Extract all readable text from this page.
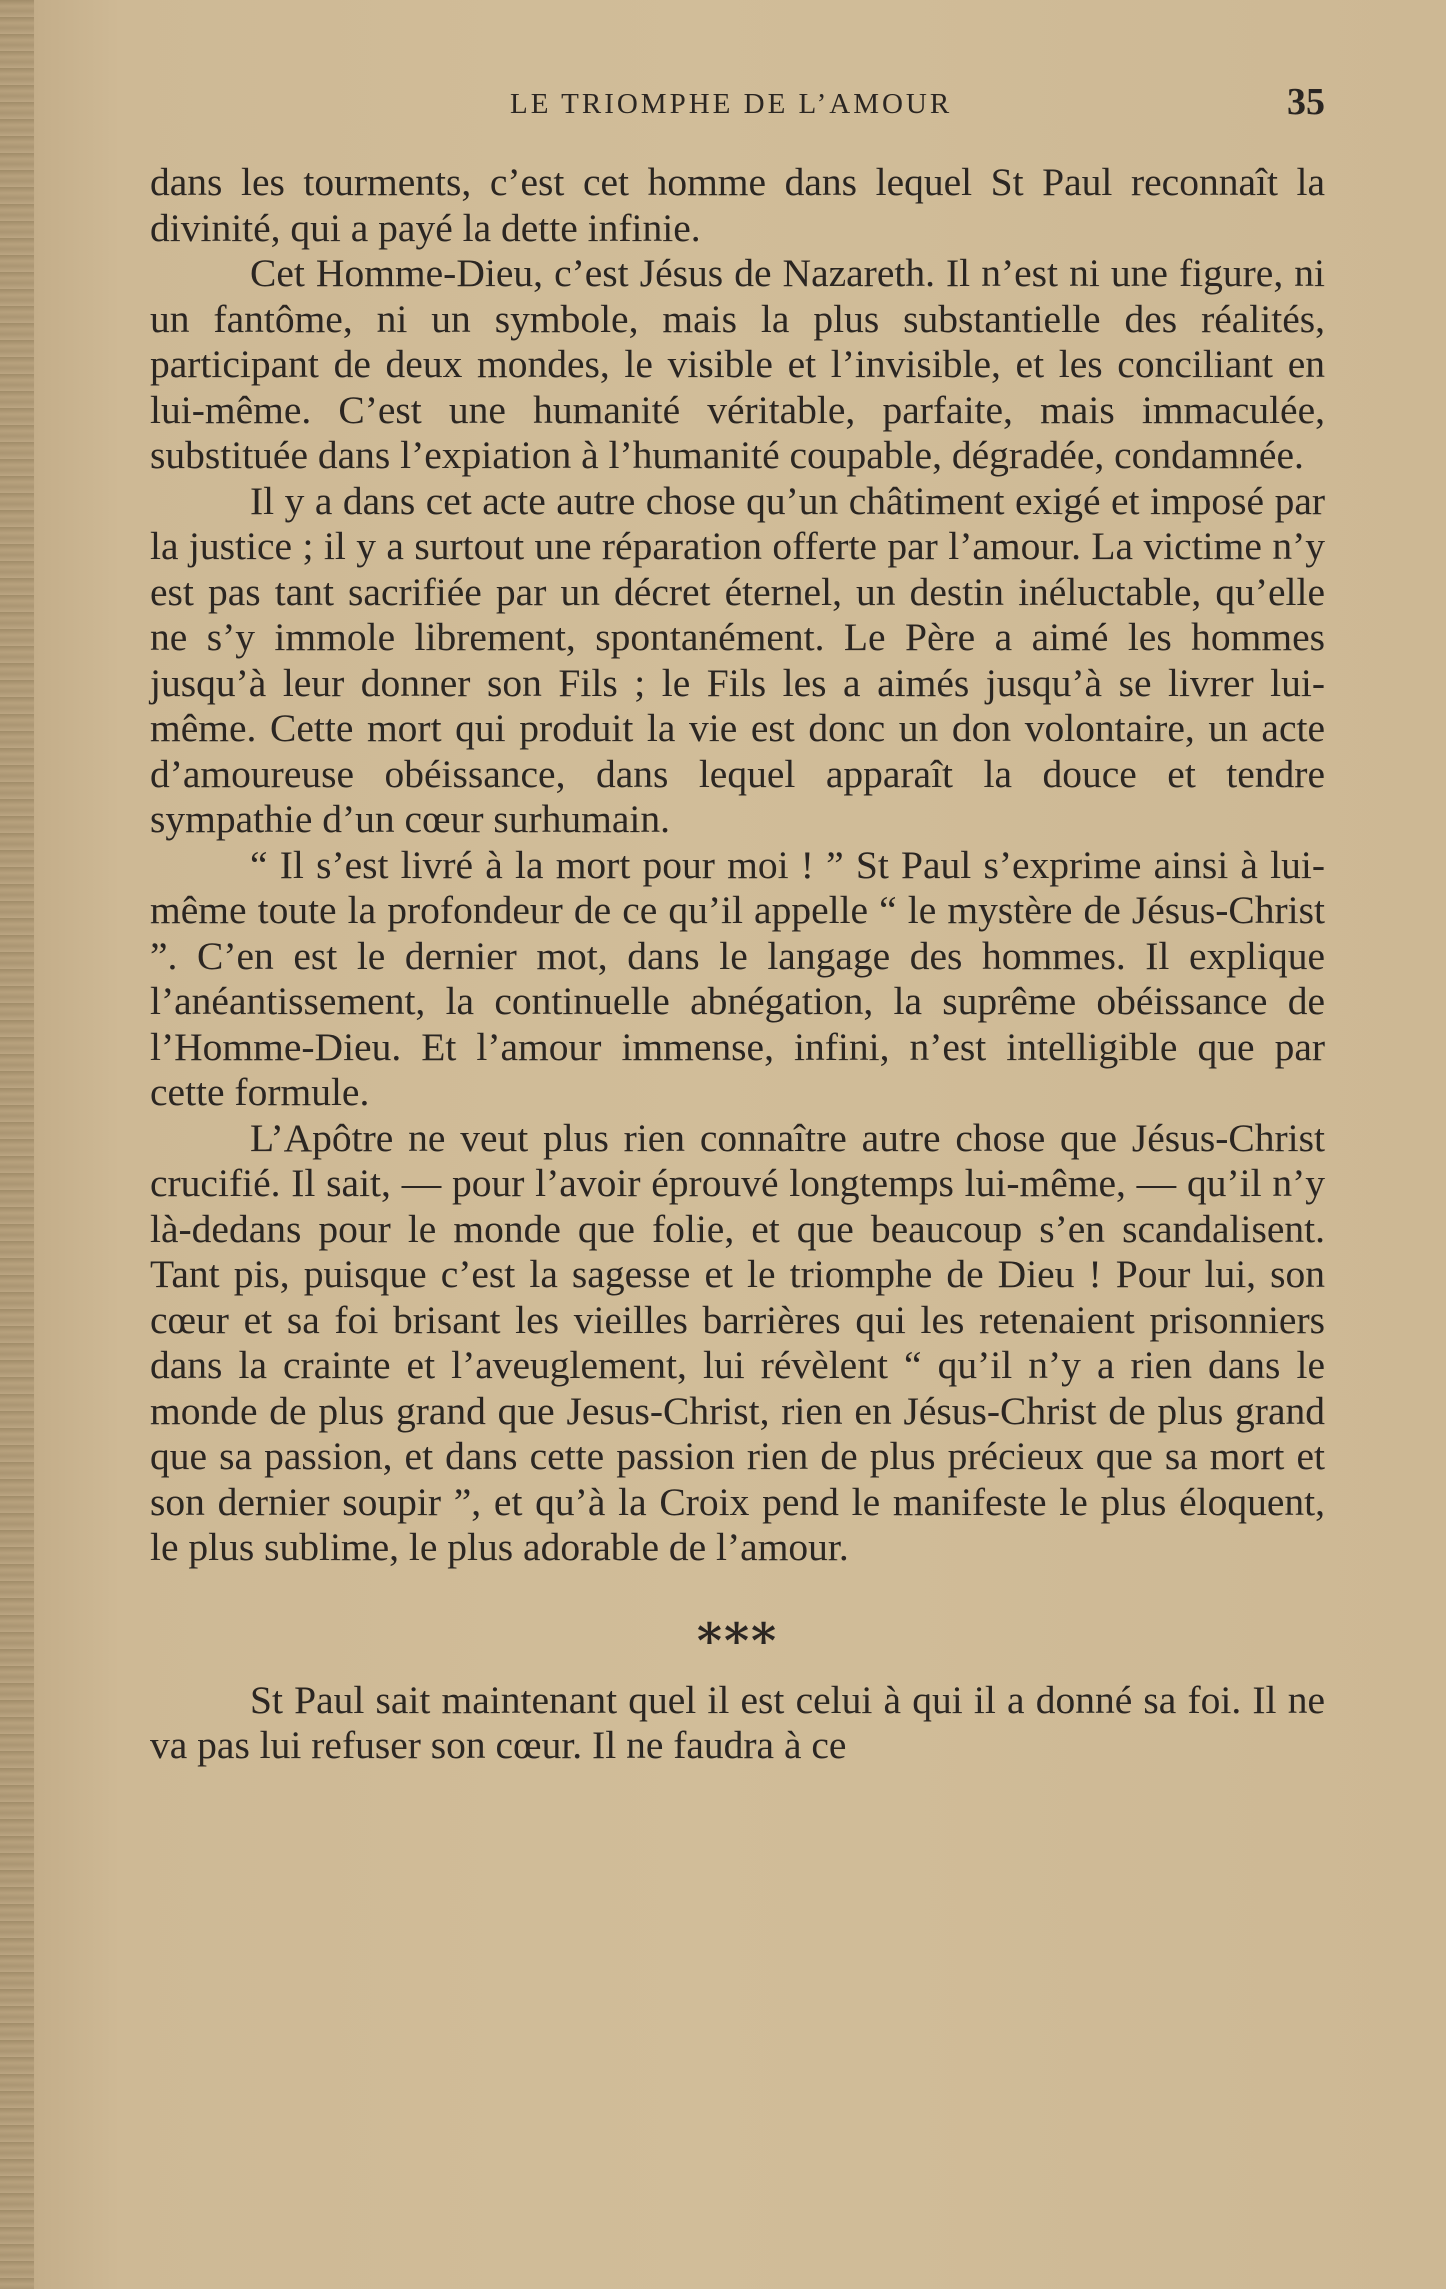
LE TRIOMPHE DE L’AMOUR	35

dans les tourments, c’est cet homme dans lequel St Paul reconnaît la divinité, qui a payé la dette infinie.

Cet Homme-Dieu, c’est Jésus de Nazareth. Il n’est ni une figure, ni un fantôme, ni un symbole, mais la plus substantielle des réalités, participant de deux mondes, le visible et l’invisible, et les conciliant en lui-même. C’est une humanité véritable, parfaite, mais immaculée, substituée dans l’expiation à l’humanité coupable, dégradée, condamnée.

Il y a dans cet acte autre chose qu’un châtiment exigé et imposé par la justice ; il y a surtout une réparation offerte par l’amour. La victime n’y est pas tant sacrifiée par un décret éternel, un destin inéluctable, qu’elle ne s’y immole librement, spontanément. Le Père a aimé les hommes jusqu’à leur donner son Fils ; le Fils les a aimés jusqu’à se livrer lui-même. Cette mort qui produit la vie est donc un don volontaire, un acte d’amoureuse obéissance, dans lequel apparaît la douce et tendre sympathie d’un cœur surhumain.

“ Il s’est livré à la mort pour moi ! ” St Paul s’exprime ainsi à lui-même toute la profondeur de ce qu’il appelle “ le mystère de Jésus-Christ ”. C’en est le dernier mot, dans le langage des hommes. Il explique l’anéantissement, la continuelle abnégation, la suprême obéissance de l’Homme-Dieu. Et l’amour immense, infini, n’est intelligible que par cette formule.

L’Apôtre ne veut plus rien connaître autre chose que Jésus-Christ crucifié. Il sait, — pour l’avoir éprouvé longtemps lui-même, — qu’il n’y là-dedans pour le monde que folie, et que beaucoup s’en scandalisent. Tant pis, puisque c’est la sagesse et le triomphe de Dieu ! Pour lui, son cœur et sa foi brisant les vieilles barrières qui les retenaient prisonniers dans la crainte et l’aveuglement, lui révèlent “ qu’il n’y a rien dans le monde de plus grand que Jesus-Christ, rien en Jésus-Christ de plus grand que sa passion, et dans cette passion rien de plus précieux que sa mort et son dernier soupir ”, et qu’à la Croix pend le manifeste le plus éloquent, le plus sublime, le plus adorable de l’amour.

⁎⁎⁎

St Paul sait maintenant quel il est celui à qui il a donné sa foi. Il ne va pas lui refuser son cœur. Il ne faudra à ce
